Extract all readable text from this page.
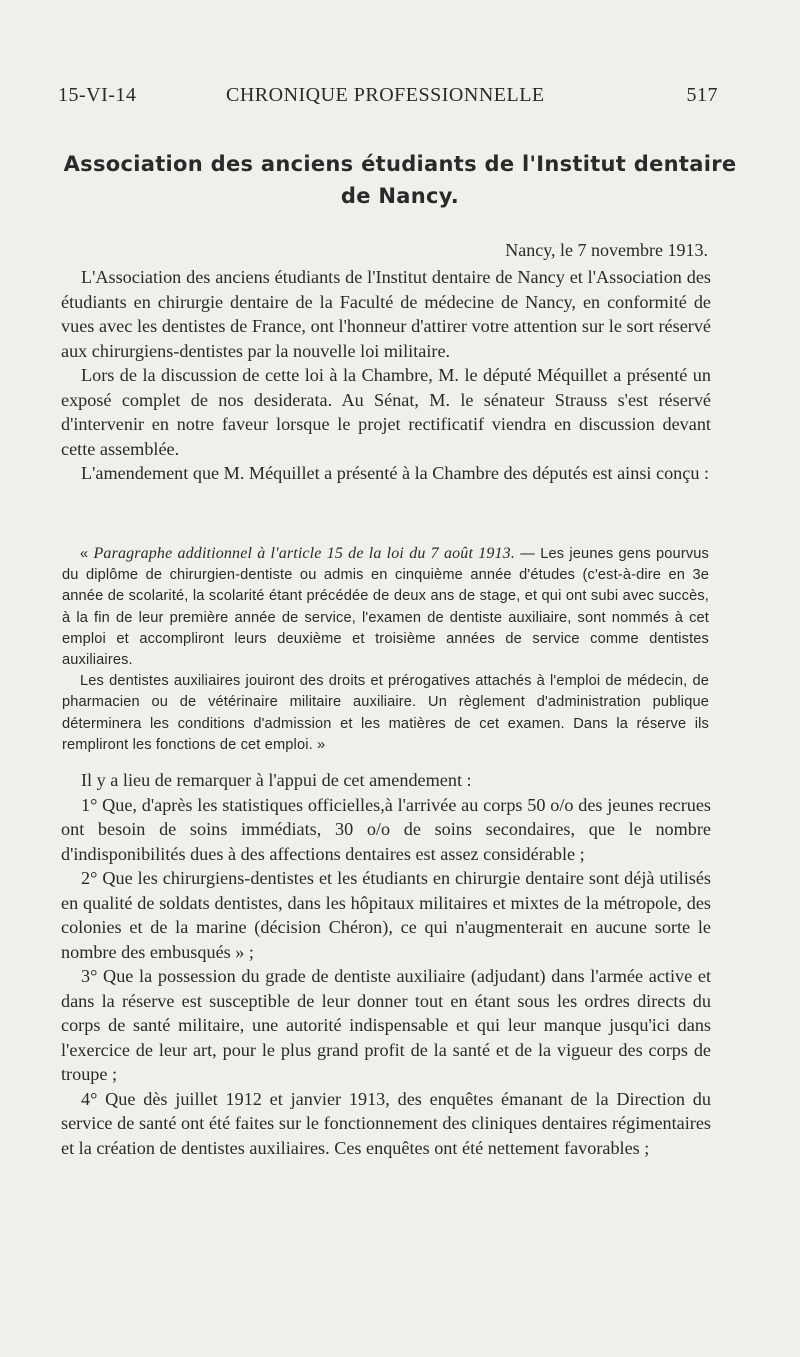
15-VI-14	CHRONIQUE PROFESSIONNELLE	517
Association des anciens étudiants de l'Institut dentaire
de Nancy.
Nancy, le 7 novembre 1913.

L'Association des anciens étudiants de l'Institut dentaire de Nancy et l'Association des étudiants en chirurgie dentaire de la Faculté de médecine de Nancy, en conformité de vues avec les dentistes de France, ont l'honneur d'attirer votre attention sur le sort réservé aux chirurgiens-dentistes par la nouvelle loi militaire.

Lors de la discussion de cette loi à la Chambre, M. le député Méquillet a présenté un exposé complet de nos desiderata. Au Sénat, M. le sénateur Strauss s'est réservé d'intervenir en notre faveur lorsque le projet rectificatif viendra en discussion devant cette assemblée.

L'amendement que M. Méquillet a présenté à la Chambre des députés est ainsi conçu :

« Paragraphe additionnel à l'article 15 de la loi du 7 août 1913. — Les jeunes gens pourvus du diplôme de chirurgien-dentiste ou admis en cinquième année d'études (c'est-à-dire en 3e année de scolarité, la scolarité étant précédée de deux ans de stage, et qui ont subi avec succès, à la fin de leur première année de service, l'examen de dentiste auxiliaire, sont nommés à cet emploi et accompliront leurs deuxième et troisième années de service comme dentistes auxiliaires.

Les dentistes auxiliaires jouiront des droits et prérogatives attachés à l'emploi de médecin, de pharmacien ou de vétérinaire militaire auxiliaire. Un règlement d'administration publique déterminera les conditions d'admission et les matières de cet examen. Dans la réserve ils rempliront les fonctions de cet emploi. »

Il y a lieu de remarquer à l'appui de cet amendement :

1° Que, d'après les statistiques officielles,à l'arrivée au corps 50 o/o des jeunes recrues ont besoin de soins immédiats, 30 o/o de soins secondaires, que le nombre d'indisponibilités dues à des affections dentaires est assez considérable ;

2° Que les chirurgiens-dentistes et les étudiants en chirurgie dentaire sont déjà utilisés en qualité de soldats dentistes, dans les hôpitaux militaires et mixtes de la métropole, des colonies et de la marine (décision Chéron), ce qui n'augmenterait en aucune sorte le nombre des embusqués » ;

3° Que la possession du grade de dentiste auxiliaire (adjudant) dans l'armée active et dans la réserve est susceptible de leur donner tout en étant sous les ordres directs du corps de santé militaire, une autorité indispensable et qui leur manque jusqu'ici dans l'exercice de leur art, pour le plus grand profit de la santé et de la vigueur des corps de troupe ;

4° Que dès juillet 1912 et janvier 1913, des enquêtes émanant de la Direction du service de santé ont été faites sur le fonctionnement des cliniques dentaires régimentaires et la création de dentistes auxiliaires. Ces enquêtes ont été nettement favorables ;
